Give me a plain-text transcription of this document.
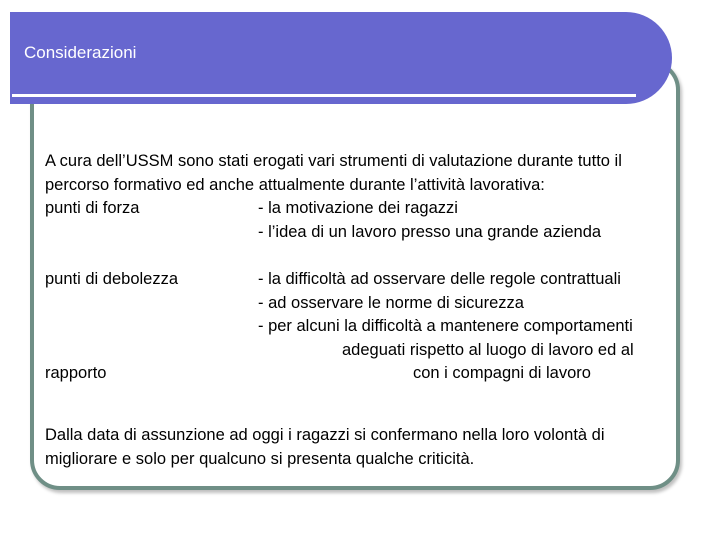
Considerazioni
A cura dell’USSM sono stati erogati vari strumenti di valutazione durante tutto il
percorso formativo ed anche attualmente durante l’attività lavorativa:
punti di forza	- la motivazione dei ragazzi
- l’idea di un lavoro presso una grande azienda
punti di debolezza	- la difficoltà ad osservare delle regole contrattuali
- ad osservare le norme di sicurezza
- per alcuni la difficoltà a mantenere comportamenti
adeguati rispetto al luogo di lavoro ed al
rapporto	con i compagni di lavoro
Dalla data di assunzione ad oggi i ragazzi si confermano nella loro volontà di
migliorare e solo per qualcuno si presenta qualche criticità.
